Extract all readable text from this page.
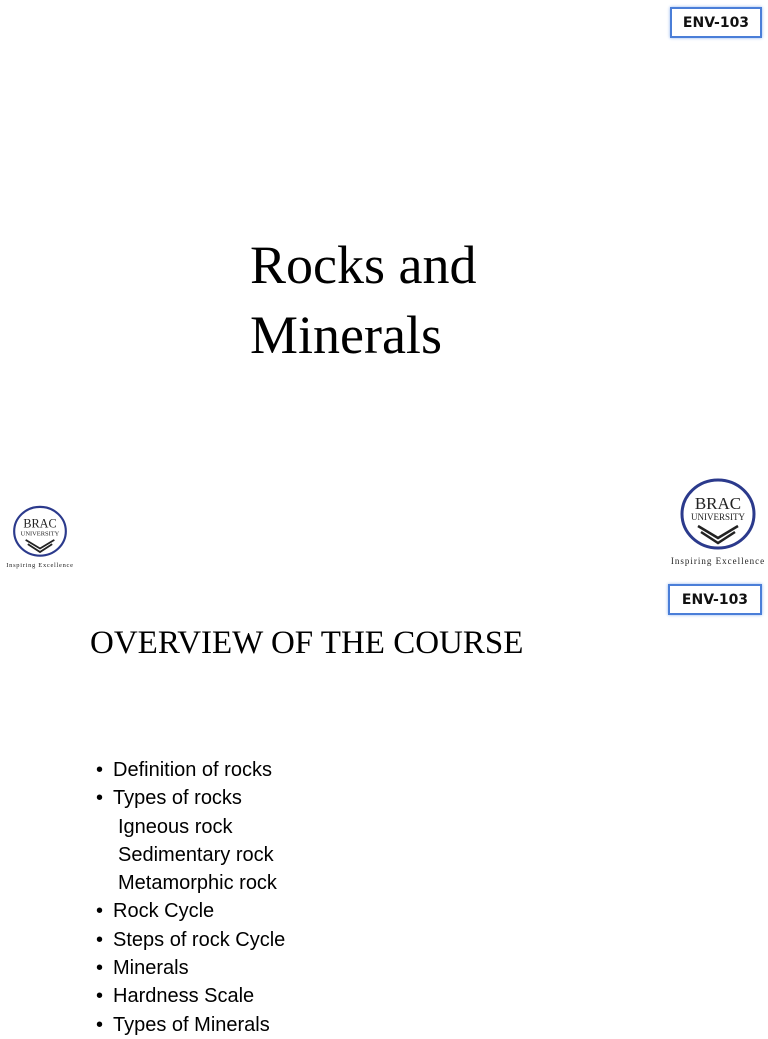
ENV-103
Rocks and
Minerals
BRAC
UNIVERSITY
Inspiring Excellence
BRAC
UNIVERSITY
Inspiring Excellence
ENV-103
OVERVIEW OF THE COURSE
• Definition of rocks
• Types of rocks
Igneous rock
Sedimentary rock
Metamorphic rock
• Rock Cycle
• Steps of rock Cycle
• Minerals
• Hardness Scale
• Types of Minerals
